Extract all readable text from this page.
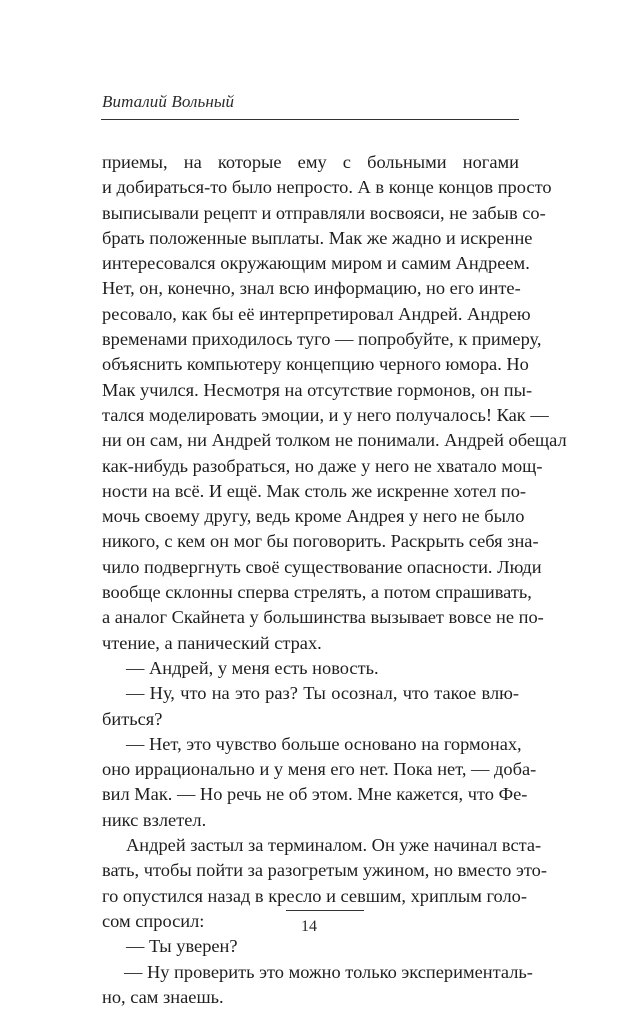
Виталий Вольный
приемы, на которые ему с больными ногами
и добираться-то было непросто. А в конце концов просто
выписывали рецепт и отправляли восвояси, не забыв со-
брать положенные выплаты. Мак же жадно и искренне
интересовался окружающим миром и самим Андреем.
Нет, он, конечно, знал всю информацию, но его инте-
ресовало, как бы её интерпретировал Андрей. Андрею
временами приходилось туго — попробуйте, к примеру,
объяснить компьютеру концепцию черного юмора. Но
Мак учился. Несмотря на отсутствие гормонов, он пы-
тался моделировать эмоции, и у него получалось! Как —
ни он сам, ни Андрей толком не понимали. Андрей обещал
как-нибудь разобраться, но даже у него не хватало мощ-
ности на всё. И ещё. Мак столь же искренне хотел по-
мочь своему другу, ведь кроме Андрея у него не было
никого, с кем он мог бы поговорить. Раскрыть себя зна-
чило подвергнуть своё существование опасности. Люди
вообще склонны сперва стрелять, а потом спрашивать,
а аналог Скайнета у большинства вызывает вовсе не по-
чтение, а панический страх.
— Андрей, у меня есть новость.
— Ну, что на это раз? Ты осознал, что такое влю-
биться?
— Нет, это чувство больше основано на гормонах,
оно иррационально и у меня его нет. Пока нет, — доба-
вил Мак. — Но речь не об этом. Мне кажется, что Фе-
никс взлетел.
Андрей застыл за терминалом. Он уже начинал вста-
вать, чтобы пойти за разогретым ужином, но вместо это-
го опустился назад в кресло и севшим, хриплым голо-
сом спросил:
— Ты уверен?
— Ну проверить это можно только эксперименталь-
но, сам знаешь.
14
